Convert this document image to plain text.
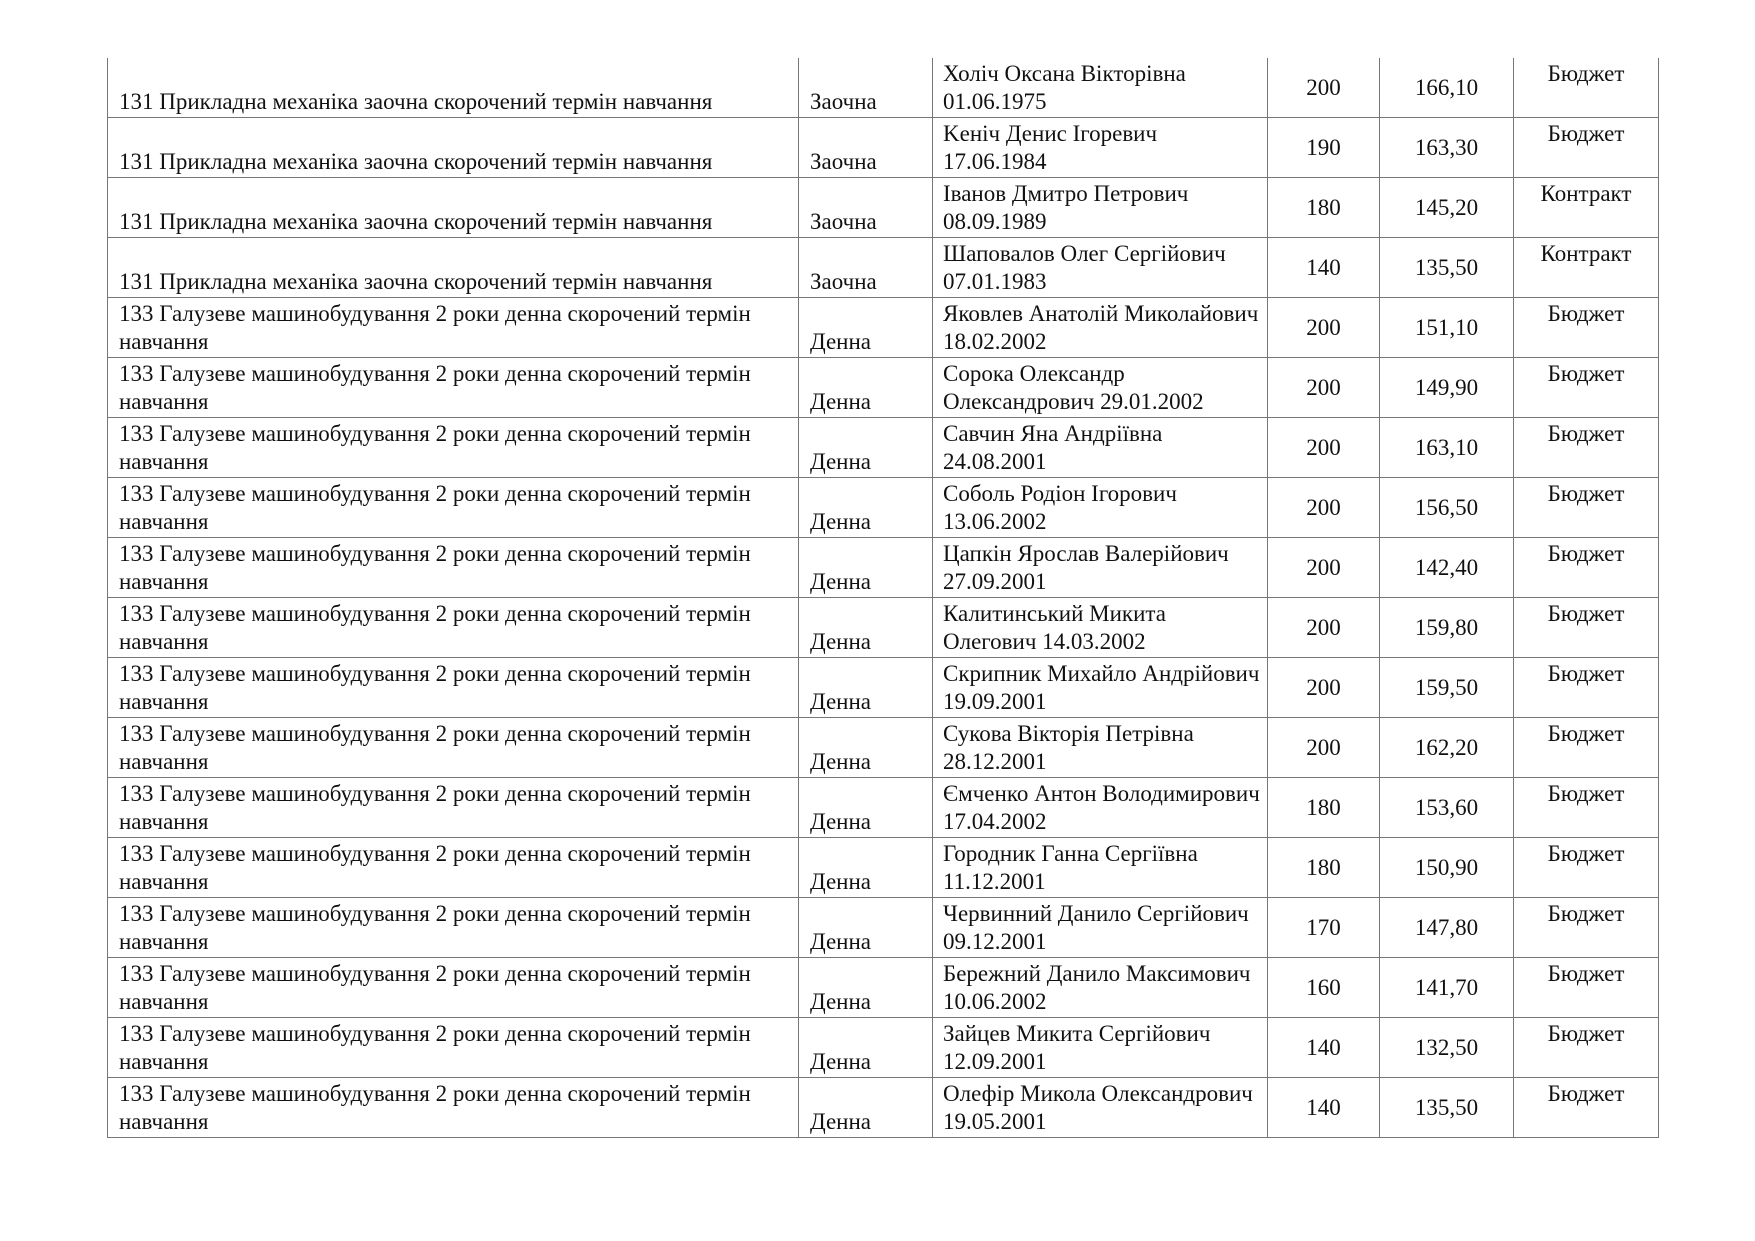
131 Прикладна механіка заочна скорочений термін навчання	Заочна	Холіч Оксана Вікторівна 01.06.1975	200	166,10	Бюджет
131 Прикладна механіка заочна скорочений термін навчання	Заочна	Keнiч Денис Ігоревич 17.06.1984	190	163,30	Бюджет
131 Прикладна механіка заочна скорочений термін навчання	Заочна	Іванов Дмитро Петрович 08.09.1989	180	145,20	Контракт
131 Прикладна механіка заочна скорочений термін навчання	Заочна	Шаповалов Олег Сергійович 07.01.1983	140	135,50	Контракт
133 Галузеве машинобудування 2 роки денна скорочений термін навчання	Денна	Яковлев Анатолій Миколайович 18.02.2002	200	151,10	Бюджет
133 Галузеве машинобудування 2 роки денна скорочений термін навчання	Денна	Сорока Олександр Олександрович 29.01.2002	200	149,90	Бюджет
133 Галузеве машинобудування 2 роки денна скорочений термін навчання	Денна	Савчин Яна Андріївна 24.08.2001	200	163,10	Бюджет
133 Галузеве машинобудування 2 роки денна скорочений термін навчання	Денна	Соболь Родіон Ігорович 13.06.2002	200	156,50	Бюджет
133 Галузеве машинобудування 2 роки денна скорочений термін навчання	Денна	Цапкін Ярослав Валерійович 27.09.2001	200	142,40	Бюджет
133 Галузеве машинобудування 2 роки денна скорочений термін навчання	Денна	Калитинський Микита Олегович 14.03.2002	200	159,80	Бюджет
133 Галузеве машинобудування 2 роки денна скорочений термін навчання	Денна	Скрипник Михайло Андрійович 19.09.2001	200	159,50	Бюджет
133 Галузеве машинобудування 2 роки денна скорочений термін навчання	Денна	Сукова Вікторія Петрівна 28.12.2001	200	162,20	Бюджет
133 Галузеве машинобудування 2 роки денна скорочений термін навчання	Денна	Ємченко Антон Володимирович 17.04.2002	180	153,60	Бюджет
133 Галузеве машинобудування 2 роки денна скорочений термін навчання	Денна	Городник Ганна Сергіївна 11.12.2001	180	150,90	Бюджет
133 Галузеве машинобудування 2 роки денна скорочений термін навчання	Денна	Червинний Данило Сергійович 09.12.2001	170	147,80	Бюджет
133 Галузеве машинобудування 2 роки денна скорочений термін навчання	Денна	Бережний Данило Максимович 10.06.2002	160	141,70	Бюджет
133 Галузеве машинобудування 2 роки денна скорочений термін навчання	Денна	Зайцев Микита Сергійович 12.09.2001	140	132,50	Бюджет
133 Галузеве машинобудування 2 роки денна скорочений термін навчання	Денна	Олефір Микола Олександрович 19.05.2001	140	135,50	Бюджет
